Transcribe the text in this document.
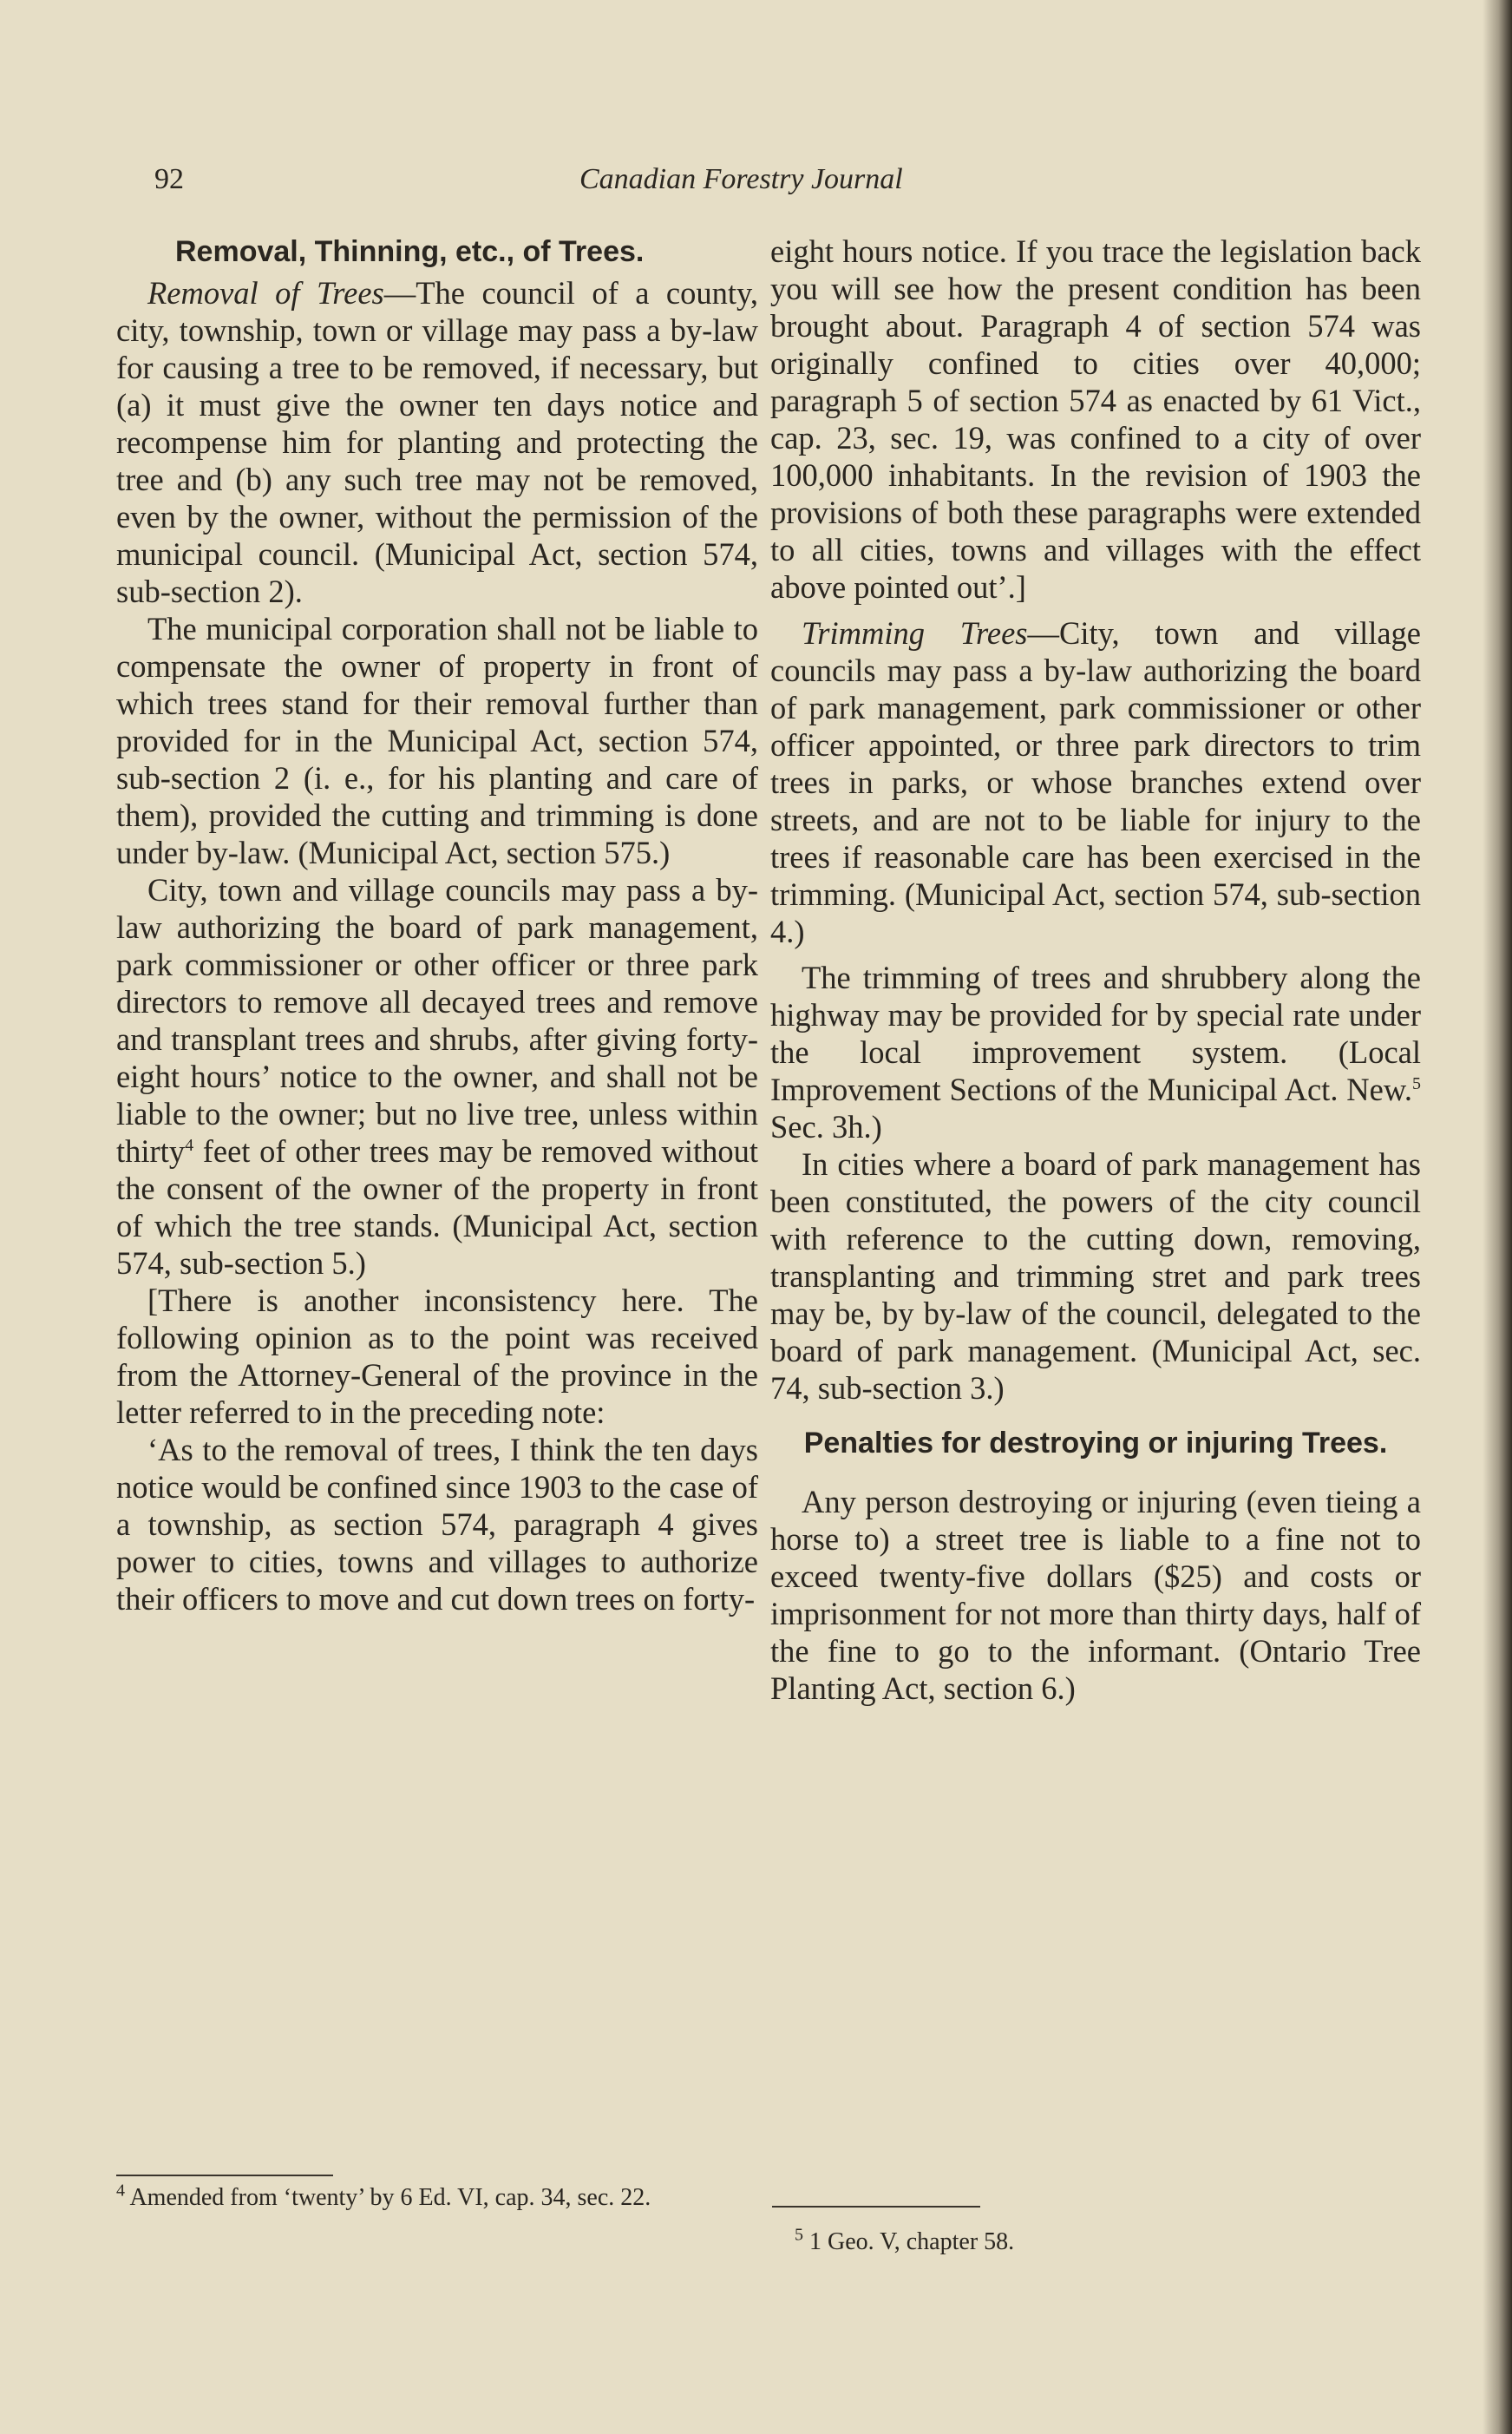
92	Canadian Forestry Journal
Removal, Thinning, etc., of Trees.

Removal of Trees—The council of a county, city, township, town or village may pass a by-law for causing a tree to be removed, if necessary, but (a) it must give the owner ten days notice and recompense him for planting and protecting the tree and (b) any such tree may not be removed, even by the owner, without the permission of the municipal council. (Municipal Act, section 574, sub-section 2).

The municipal corporation shall not be liable to compensate the owner of property in front of which trees stand for their removal further than provided for in the Municipal Act, section 574, sub-section 2 (i. e., for his planting and care of them), provided the cutting and trimming is done under by-law. (Municipal Act, section 575.)

City, town and village councils may pass a by-law authorizing the board of park management, park commissioner or other officer or three park directors to remove all decayed trees and remove and transplant trees and shrubs, after giving forty-eight hours’ notice to the owner, and shall not be liable to the owner; but no live tree, unless within thirty$^4$ feet of other trees may be removed without the consent of the owner of the property in front of which the tree stands. (Municipal Act, section 574, sub-section 5.)

[There is another inconsistency here. The following opinion as to the point was received from the Attorney-General of the province in the letter referred to in the preceding note:

‘As to the removal of trees, I think the ten days notice would be confined since 1903 to the case of a township, as section 574, paragraph 4 gives power to cities, towns and villages to authorize their officers to move and cut down trees on forty-

eight hours notice. If you trace the legislation back you will see how the present condition has been brought about. Paragraph 4 of section 574 was originally confined to cities over 40,000; paragraph 5 of section 574 as enacted by 61 Vict., cap. 23, sec. 19, was confined to a city of over 100,000 inhabitants. In the revision of 1903 the provisions of both these paragraphs were extended to all cities, towns and villages with the effect above pointed out’.]

Trimming Trees—City, town and village councils may pass a by-law authorizing the board of park management, park commissioner or other officer appointed, or three park directors to trim trees in parks, or whose branches extend over streets, and are not to be liable for injury to the trees if reasonable care has been exercised in the trimming. (Municipal Act, section 574, sub-section 4.)

The trimming of trees and shrubbery along the highway may be provided for by special rate under the local improvement system. (Local Improvement Sections of the Municipal Act. New.$^5$ Sec. 3h.)

In cities where a board of park management has been constituted, the powers of the city council with reference to the cutting down, removing, transplanting and trimming stret and park trees may be, by by-law of the council, delegated to the board of park management. (Municipal Act, sec. 74, sub-section 3.)

Penalties for destroying or injuring Trees.

Any person destroying or injuring (even tieing a horse to) a street tree is liable to a fine not to exceed twenty-five dollars ($25) and costs or imprisonment for not more than thirty days, half of the fine to go to the informant. (Ontario Tree Planting Act, section 6.)

$^4$ Amended from ‘twenty’ by 6 Ed. VI, cap. 34, sec. 22.
$^5$ 1 Geo. V, chapter 58.
